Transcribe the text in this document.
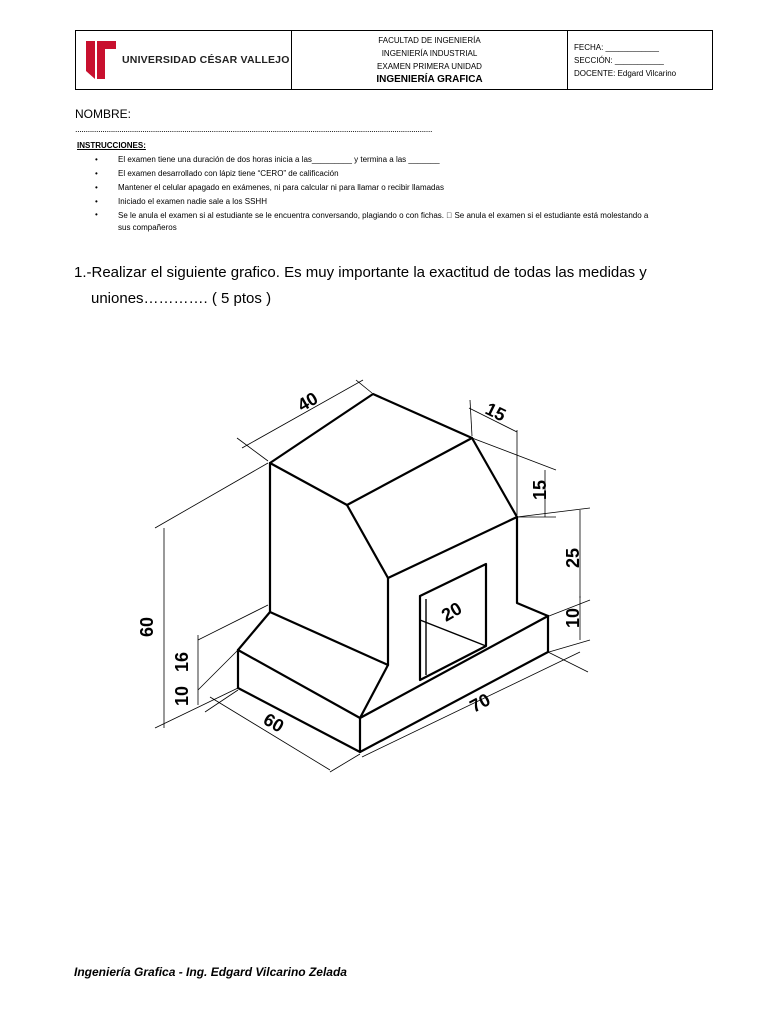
UNIVERSIDAD CÉSAR VALLEJO
FACULTAD DE INGENIERÍA
INGENIERÍA INDUSTRIAL
EXAMEN PRIMERA UNIDAD
INGENIERÍA GRAFICA
FECHA: ____________
SECCIÓN: ___________
DOCENTE: Edgard Vilcarino
NOMBRE:
..........................................................................................................................................................................
INSTRUCCIONES:
•	El examen tiene una duración de dos horas inicia a las_________ y termina a las _______
•	El examen desarrollado con lápiz tiene “CERO” de calificación
•	Mantener el celular apagado en exámenes, ni para calcular ni para llamar o recibir llamadas
•	Iniciado el examen nadie sale a los SSHH
•	Se le anula el examen si al estudiante se le encuentra conversando, plagiando o con fichas.   Se anula el examen si el estudiante está molestando a sus compañeros
1.-Realizar el siguiente grafico. Es muy importante la exactitud de todas las medidas y
uniones…………. ( 5 ptos )
40	15
15
25
60
16
10
20	10
60
70
Ingeniería Grafica - Ing. Edgard Vilcarino Zelada
